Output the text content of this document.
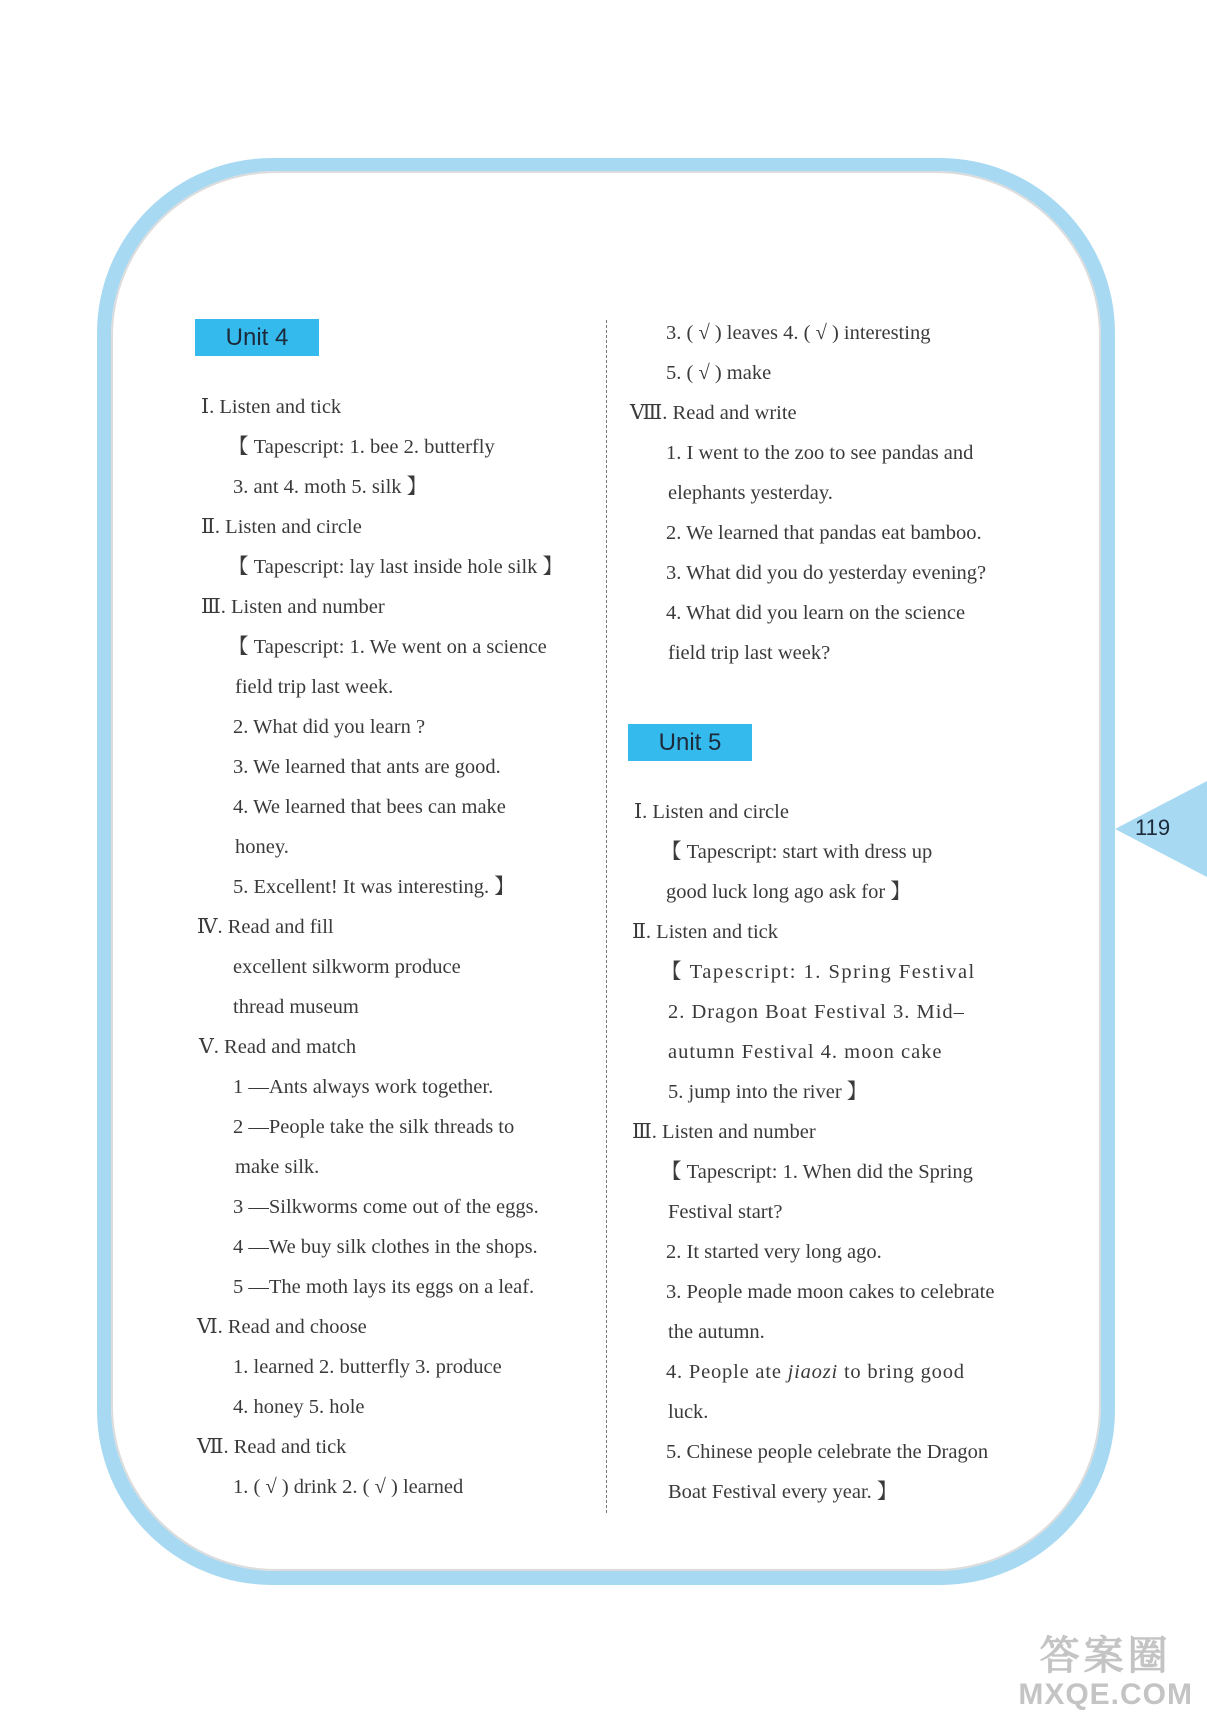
119
Unit 4
Ⅰ. Listen and tick
【 Tapescript: 1. bee 2. butterfly
3. ant 4. moth 5. silk 】
Ⅱ. Listen and circle
【 Tapescript: lay last inside hole silk 】
Ⅲ. Listen and number
【 Tapescript: 1. We went on a science
field trip last week.
2. What did you learn ?
3. We learned that ants are good.
4. We learned that bees can make
honey.
5. Excellent! It was interesting. 】
Ⅳ. Read and fill
excellent silkworm produce
thread museum
Ⅴ. Read and match
1 —Ants always work together.
2 —People take the silk threads to
make silk.
3 —Silkworms come out of the eggs.
4 —We buy silk clothes in the shops.
5 —The moth lays its eggs on a leaf.
Ⅵ. Read and choose
1. learned 2. butterfly 3. produce
4. honey 5. hole
Ⅶ. Read and tick
1. ( √ ) drink 2. ( √ ) learned
3. ( √ ) leaves 4. ( √ ) interesting
5. ( √ ) make
Ⅷ. Read and write
1. I went to the zoo to see pandas and
elephants yesterday.
2. We learned that pandas eat bamboo.
3. What did you do yesterday evening?
4. What did you learn on the science
field trip last week?
Unit 5
Ⅰ. Listen and circle
【 Tapescript: start with dress up
good luck long ago ask for 】
Ⅱ. Listen and tick
【 Tapescript: 1. Spring Festival
2. Dragon Boat Festival 3. Mid–
autumn Festival 4. moon cake
5. jump into the river 】
Ⅲ. Listen and number
【 Tapescript: 1. When did the Spring
Festival start?
2. It started very long ago.
3. People made moon cakes to celebrate
the autumn.
4. People ate jiaozi to bring good
luck.
5. Chinese people celebrate the Dragon
Boat Festival every year. 】
答案圈
MXQE.COM
